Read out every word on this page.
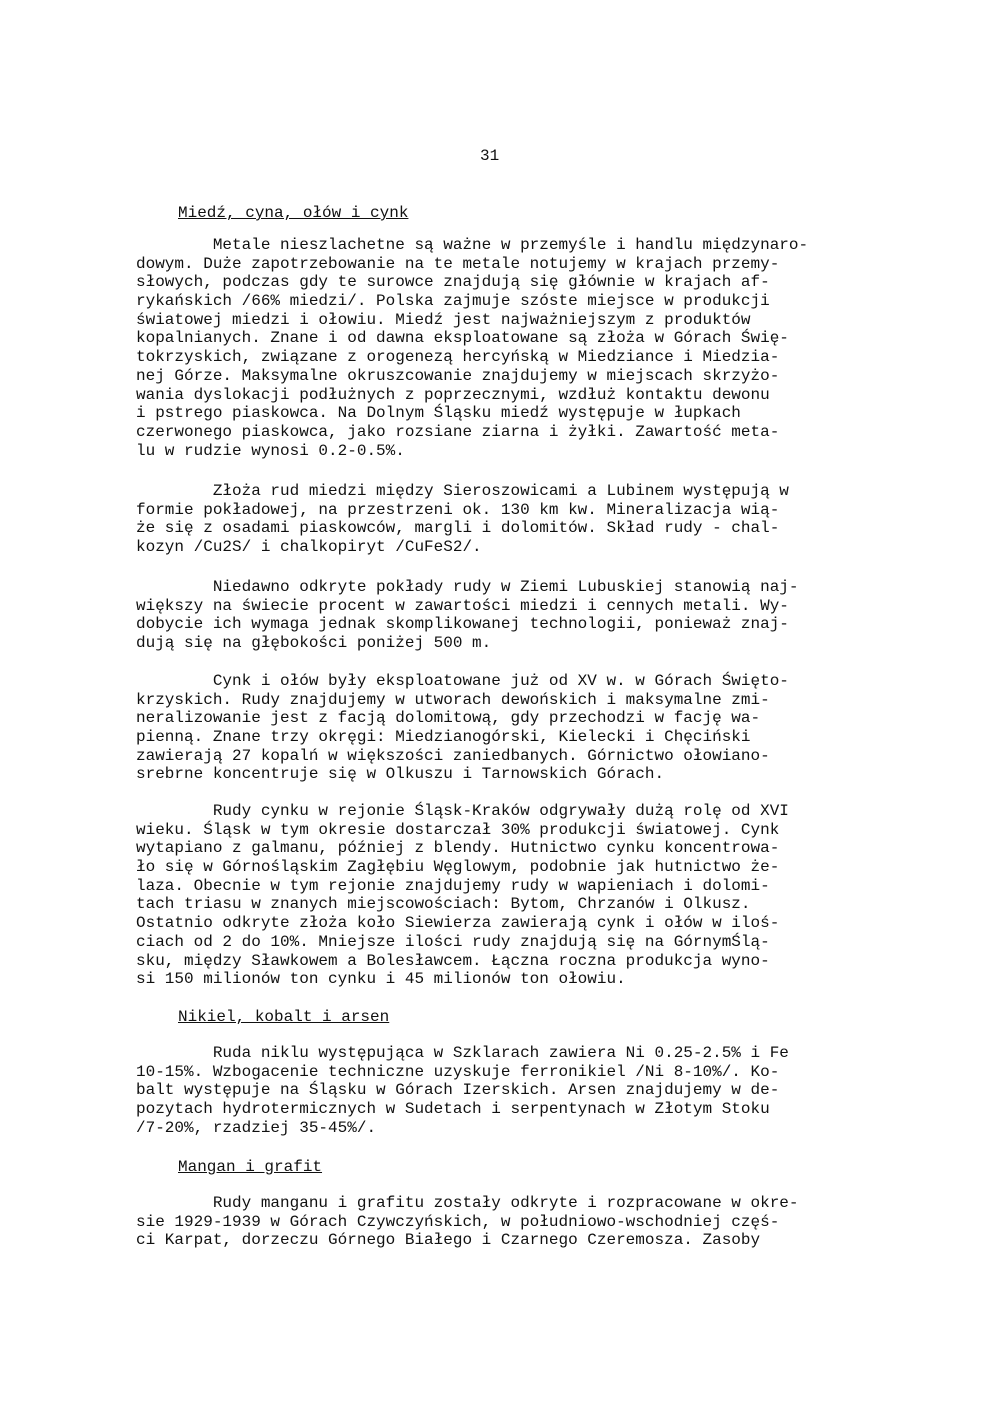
31
Miedź, cyna, ołów i cynk
Metale nieszlachetne są ważne w przemyśle i handlu międzynaro-
dowym. Duże zapotrzebowanie na te metale notujemy w krajach przemy-
słowych, podczas gdy te surowce znajdują się głównie w krajach af-
rykańskich /66% miedzi/. Polska zajmuje szóste miejsce w produkcji
światowej miedzi i ołowiu. Miedź jest najważniejszym z produktów
kopalnianych. Znane i od dawna eksploatowane są złoża w Górach Świę-
tokrzyskich, związane z orogenezą hercyńską w Miedziance i Miedzia-
nej Górze. Maksymalne okruszcowanie znajdujemy w miejscach skrzyżo-
wania dyslokacji podłużnych z poprzecznymi, wzdłuż kontaktu dewonu
i pstrego piaskowca. Na Dolnym Śląsku miedź występuje w łupkach
czerwonego piaskowca, jako rozsiane ziarna i żyłki. Zawartość meta-
lu w rudzie wynosi 0.2-0.5%.
Złoża rud miedzi między Sieroszowicami a Lubinem występują w
formie pokładowej, na przestrzeni ok. 130 km kw. Mineralizacja wią-
że się z osadami piaskowców, margli i dolomitów. Skład rudy - chal-
kozyn /Cu2S/ i chalkopiryt /CuFeS2/.
Niedawno odkryte pokłady rudy w Ziemi Lubuskiej stanowią naj-
większy na świecie procent w zawartości miedzi i cennych metali. Wy-
dobycie ich wymaga jednak skomplikowanej technologii, ponieważ znaj-
dują się na głębokości poniżej 500 m.
Cynk i ołów były eksploatowane już od XV w. w Górach Świętо-
krzyskich. Rudy znajdujemy w utworach dewońskich i maksymalne zmi-
neralizowanie jest z facją dolomitową, gdy przechodzi w fację wa-
pienną. Znane trzy okręgi: Miedzianogórski, Kielecki i Chęciński
zawierają 27 kopalń w większości zaniedbanych. Górnictwo ołowiano-
srebrne koncentruje się w Olkuszu i Tarnowskich Górach.
Rudy cynku w rejonie Śląsk-Kraków odgrywały dużą rolę od XVI
wieku. Śląsk w tym okresie dostarczał 30% produkcji światowej. Cynk
wytapiano z galmanu, później z blendy. Hutnictwo cynku koncentrowa-
ło się w Górnośląskim Zagłębiu Węglowym, podobnie jak hutnictwo że-
laza. Obecnie w tym rejonie znajdujemy rudy w wapieniach i dolomi-
tach triasu w znanych miejscowościach: Bytom, Chrzanów i Olkusz.
Ostatnio odkryte złoża koło Siewierza zawierają cynk i ołów w iloś-
ciach od 2 do 10%. Mniejsze ilości rudy znajdują się na GórnymŚlą-
sku, między Sławkowem a Bolesławcem. Łączna roczna produkcja wyno-
si 150 milionów ton cynku i 45 milionów ton ołowiu.
Nikiel, kobalt i arsen
Ruda niklu występująca w Szklarach zawiera Ni 0.25-2.5% i Fe
10-15%. Wzbogacenie techniczne uzyskuje ferronikiel /Ni 8-10%/. Ko-
balt występuje na Śląsku w Górach Izerskich. Arsen znajdujemy w de-
pozytach hydrotermicznych w Sudetach i serpentynach w Złotym Stoku
/7-20%, rzadziej 35-45%/.
Mangan i grafit
Rudy manganu i grafitu zostały odkryte i rozpracowane w okre-
sie 1929-1939 w Górach Czywczyńskich, w południowo-wschodniej częś-
ci Karpat, dorzeczu Górnego Białego i Czarnego Czeremosza. Zasoby
